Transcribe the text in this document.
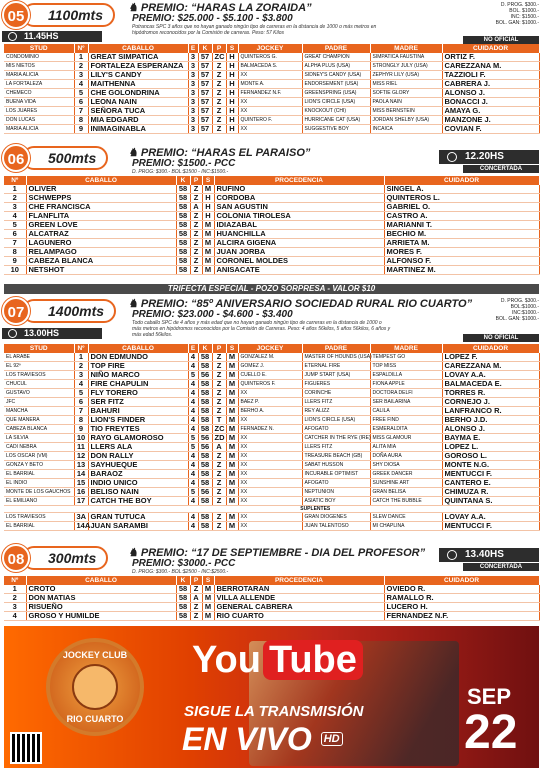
05	1100mts
11.45HS
♞ PREMIO: “HARAS LA ZORAIDA”
PREMIO: $25.000 - $5.100 - $3.800
Potrancas SPC 3 años que no hayan ganado ningún tipo de carreras en la distancia de 1000 o más metros en hipódromos reconocidos por la Comisión de carreras. Peso: 57 Kilos
D. PROG. $300.-
BOL. $1000.-
INC: $1500.-
BOL. GAN: $1000.-
NO OFICIAL
STUD	Nº	CABALLO	E	K	P	S	JOCKEY	PADRE	MADRE	CUIDADOR
CONDOMINIO	1	GREAT SIMPATICA	3	57	ZC	H	QUINTEROS G.	GREAT CHAMPION	SIMPATICA FAUSTINA	ORTIZ F.
MIS NIETOS	2	FORTALEZA ESPERANZA	3	57	Z	H	BALMACEDA S.	ALPHA PLUS (USA)	STRONGLY JULY (USA)	CAREZZANA M.
MARIA ALICIA	3	LILY'S CANDY	3	57	Z	H	XX	SIDNEY'S CANDY (USA)	ZEPHYR LILY (USA)	TAZZIOLI F.
LA FORTALEZA	4	MAITHENNA	3	57	Z	H	MONTE A.	ENDORSEMENT (USA)	MISS RIEL	CABRERA J.
CHEMECO	5	CHE GOLONDRINA	3	57	Z	H	FERNANDEZ N.F.	GREENSPRING (USA)	SOFTIE GLORY	ALONSO J.
BUENA VIDA	6	LEONA NAIN	3	57	Z	H	XX	LION'S CIRCLE (USA)	PAOLA NAIN	BONACCI J.
LOS JUARES	7	SEÑORA TUCA	3	57	Z	H	XX	KNOCKOUT (CHI)	MISS BERNSTEIN	AMAYA G.
DON LUCAS	8	MIA EDGARD	3	57	Z	H	QUINTERO F.	HURRICANE CAT (USA)	JORDAN SHELBY (USA)	MANZONE J.
MARIA ALICIA	9	INIMAGINABLA	3	57	Z	H	XX	SUGGESTIVE BOY	INCAICA	COVIAN F.
06	500mts	♞ PREMIO: “HARAS EL PARAISO”
PREMIO: $1500.- PCC
D. PROG: $300.- BOL:$1500 - INC:$1500.-
12.20HS
CONCERTADA
Nº	CABALLO	K	P	S	PROCEDENCIA	CUIDADOR
1	OLIVER	58	Z	M	RUFINO	SINGEL A.
2	SCHWEPPS	58	Z	H	CORDOBA	QUINTEROS L.
3	CHE FRANCISCA	58	A	H	SAN AGUSTIN	GABRIEL O.
4	FLANFLITA	58	Z	H	COLONIA TIROLESA	CASTRO A.
5	GREEN LOVE	58	Z	M	IDIAZABAL	MARIANNI T.
6	ALCATRAZ	58	Z	M	HUANCHILLA	BECHIO M.
7	LAGUNERO	58	Z	M	ALCIRA GIGENA	ARRIETA M.
8	RELAMPAGO	58	Z	M	JUAN JORBA	MORES F.
9	CABEZA BLANCA	58	Z	M	CORONEL MOLDES	ALFONSO F.
10	NETSHOT	58	Z	M	ANISACATE	MARTINEZ M.
TRIFECTA ESPECIAL - POZO SORPRESA - VALOR $10
07	1400mts
13.00HS
♞ PREMIO: “85º ANIVERSARIO SOCIEDAD RURAL RIO CUARTO”
PREMIO: $23.000 - $4.600 - $3.400
Todo caballo SPC de 4 años y más edad que no hayan ganado ningún tipo de carreras en la distancia de 1000 o más metros en hipódromos reconocidos por la Comisión de Carreras. Peso: 4 años 56kilos, 5 años 56kilos, 6 años y más edad 56kilos.
D. PROG. $300.-
BOL:$1000.-
INC:$1000.-
BOL. GAN: $1000.-
NO OFICIAL
STUD	Nº	CABALLO	E	K	P	S	JOCKEY	PADRE	MADRE	CUIDADOR
EL ARABE	1	DON EDMUNDO	4	58	Z	M	GONZALEZ M.	MASTER OF HOUNDS (USA)	TEMPEST GO	LOPEZ F.
EL 92º	2	TOP FIRE	4	58	Z	M	GOMEZ J.	ETERNAL FIRE	TOP MISS	CAREZZANA M.
LOS TRAVIESOS	3	NIÑO MARCO	5	56	Z	M	CUELLO E.	JUMP START (USA)	ESPALDILLA	LOVAY A.A.
CHUCUL	4	FIRE CHAPULIN	4	58	Z	M	QUINTEROS F.	FIGUERES	FIONA APPLE	BALMACEDA E.
GUSTAVO	5	FLY TORERO	4	58	Z	M	XX	CORINCHE	DOCTORA DELFI	TORRES R.
JFC	6	SER FITZ	4	58	Z	M	BAEZ P.	LLERS FITZ	SER BAILARINA	CORNEJO J.
MANCHA	7	BAHURI	4	58	Z	M	BERHO A.	REY ALIZZ	CALILA	LANFRANCO R.
QUE MANERA	8	LION'S FINDER	4	58	T	M	XX	LION'S CIRCLE (USA)	FREE FIND	BERHO J.D.
CABEZA BLANCA	9	TIO FREYTES	4	58	ZC	M	FERNADEZ N.	AFOGATO	ESMERALDITA	ALONSO J.
LA SILVIA	10	RAYO GLAMOROSO	5	56	ZD	M	XX	CATCHER IN THE RYE (IRE)	MISS GLAMOUR	BAYMA E.
CADI NEBRA	11	LLERS ALA	5	56	A	M	XX	LLERS FITZ	ALITA MIA	LOPEZ L.
LOS OSCAR (VM)	12	DON RALLY	4	58	Z	M	XX	TREASURE BEACH (GB)	DOÑA AURA	GOROSO L.
GONZA Y BETO	13	SAYHUEQUE	4	58	Z	M	XX	SABAT HUSSON	SHY DIOSA	MONTE N.G.
EL BARRIAL	14	BARAOZ	4	58	Z	M	XX	INCURABLE OPTIMIST	GREEK DANCER	MENTUCCI F.
EL INDIO	15	INDIO UNICO	4	58	Z	M	XX	AFOGATO	SUNSHINE ART	CANTERO E.
MONTE DE LOS GAUCHOS	16	BELISO NAIN	5	56	Z	M	XX	NEPTUNION	GRAN BELISA	CHIMUZA R.
EL EMILIANO	17	CATCH THE BOY	4	58	Z	M	XX	ASIATIC BOY	CATCH THE BUBBLE	QUINTANA S.
SUPLENTES										
LOS TRAVIESOS	3A	GRAN TUTUCA	4	58	Z	M	XX	GRAN DIOGENES	SLEW DANCE	LOVAY A.A.
EL BARRIAL	14A	JUAN SARAMBI	4	58	Z	M	XX	JUAN TALENTOSO	MI CHAPLINA	MENTUCCI F.
08	300mts	♞ PREMIO: “17 DE SEPTIEMBRE - DIA DEL PROFESOR”
PREMIO: $3000.- PCC
D. PROG: $300.- BOL:$2500 - INC:$2500.-
13.40HS
CONCERTADA
Nº	CABALLO	K	P	S	PROCEDENCIA	CUIDADOR
1	CROTO	58	Z	M	BERROTARAN	OVIEDO R.
2	DON MATIAS	58	A	M	VILLA ALLENDE	RAMALLO R.
3	RISUEÑO	58	Z	M	GENERAL CABRERA	LUCERO H.
4	GROSO Y HUMILDE	58	Z	M	RIO CUARTO	FERNANDEZ N.F.
JOCKEY CLUB
RIO CUARTO
You Tube
SIGUE LA TRANSMISIÓN
EN VIVO $^{HD}$
SEP
22
